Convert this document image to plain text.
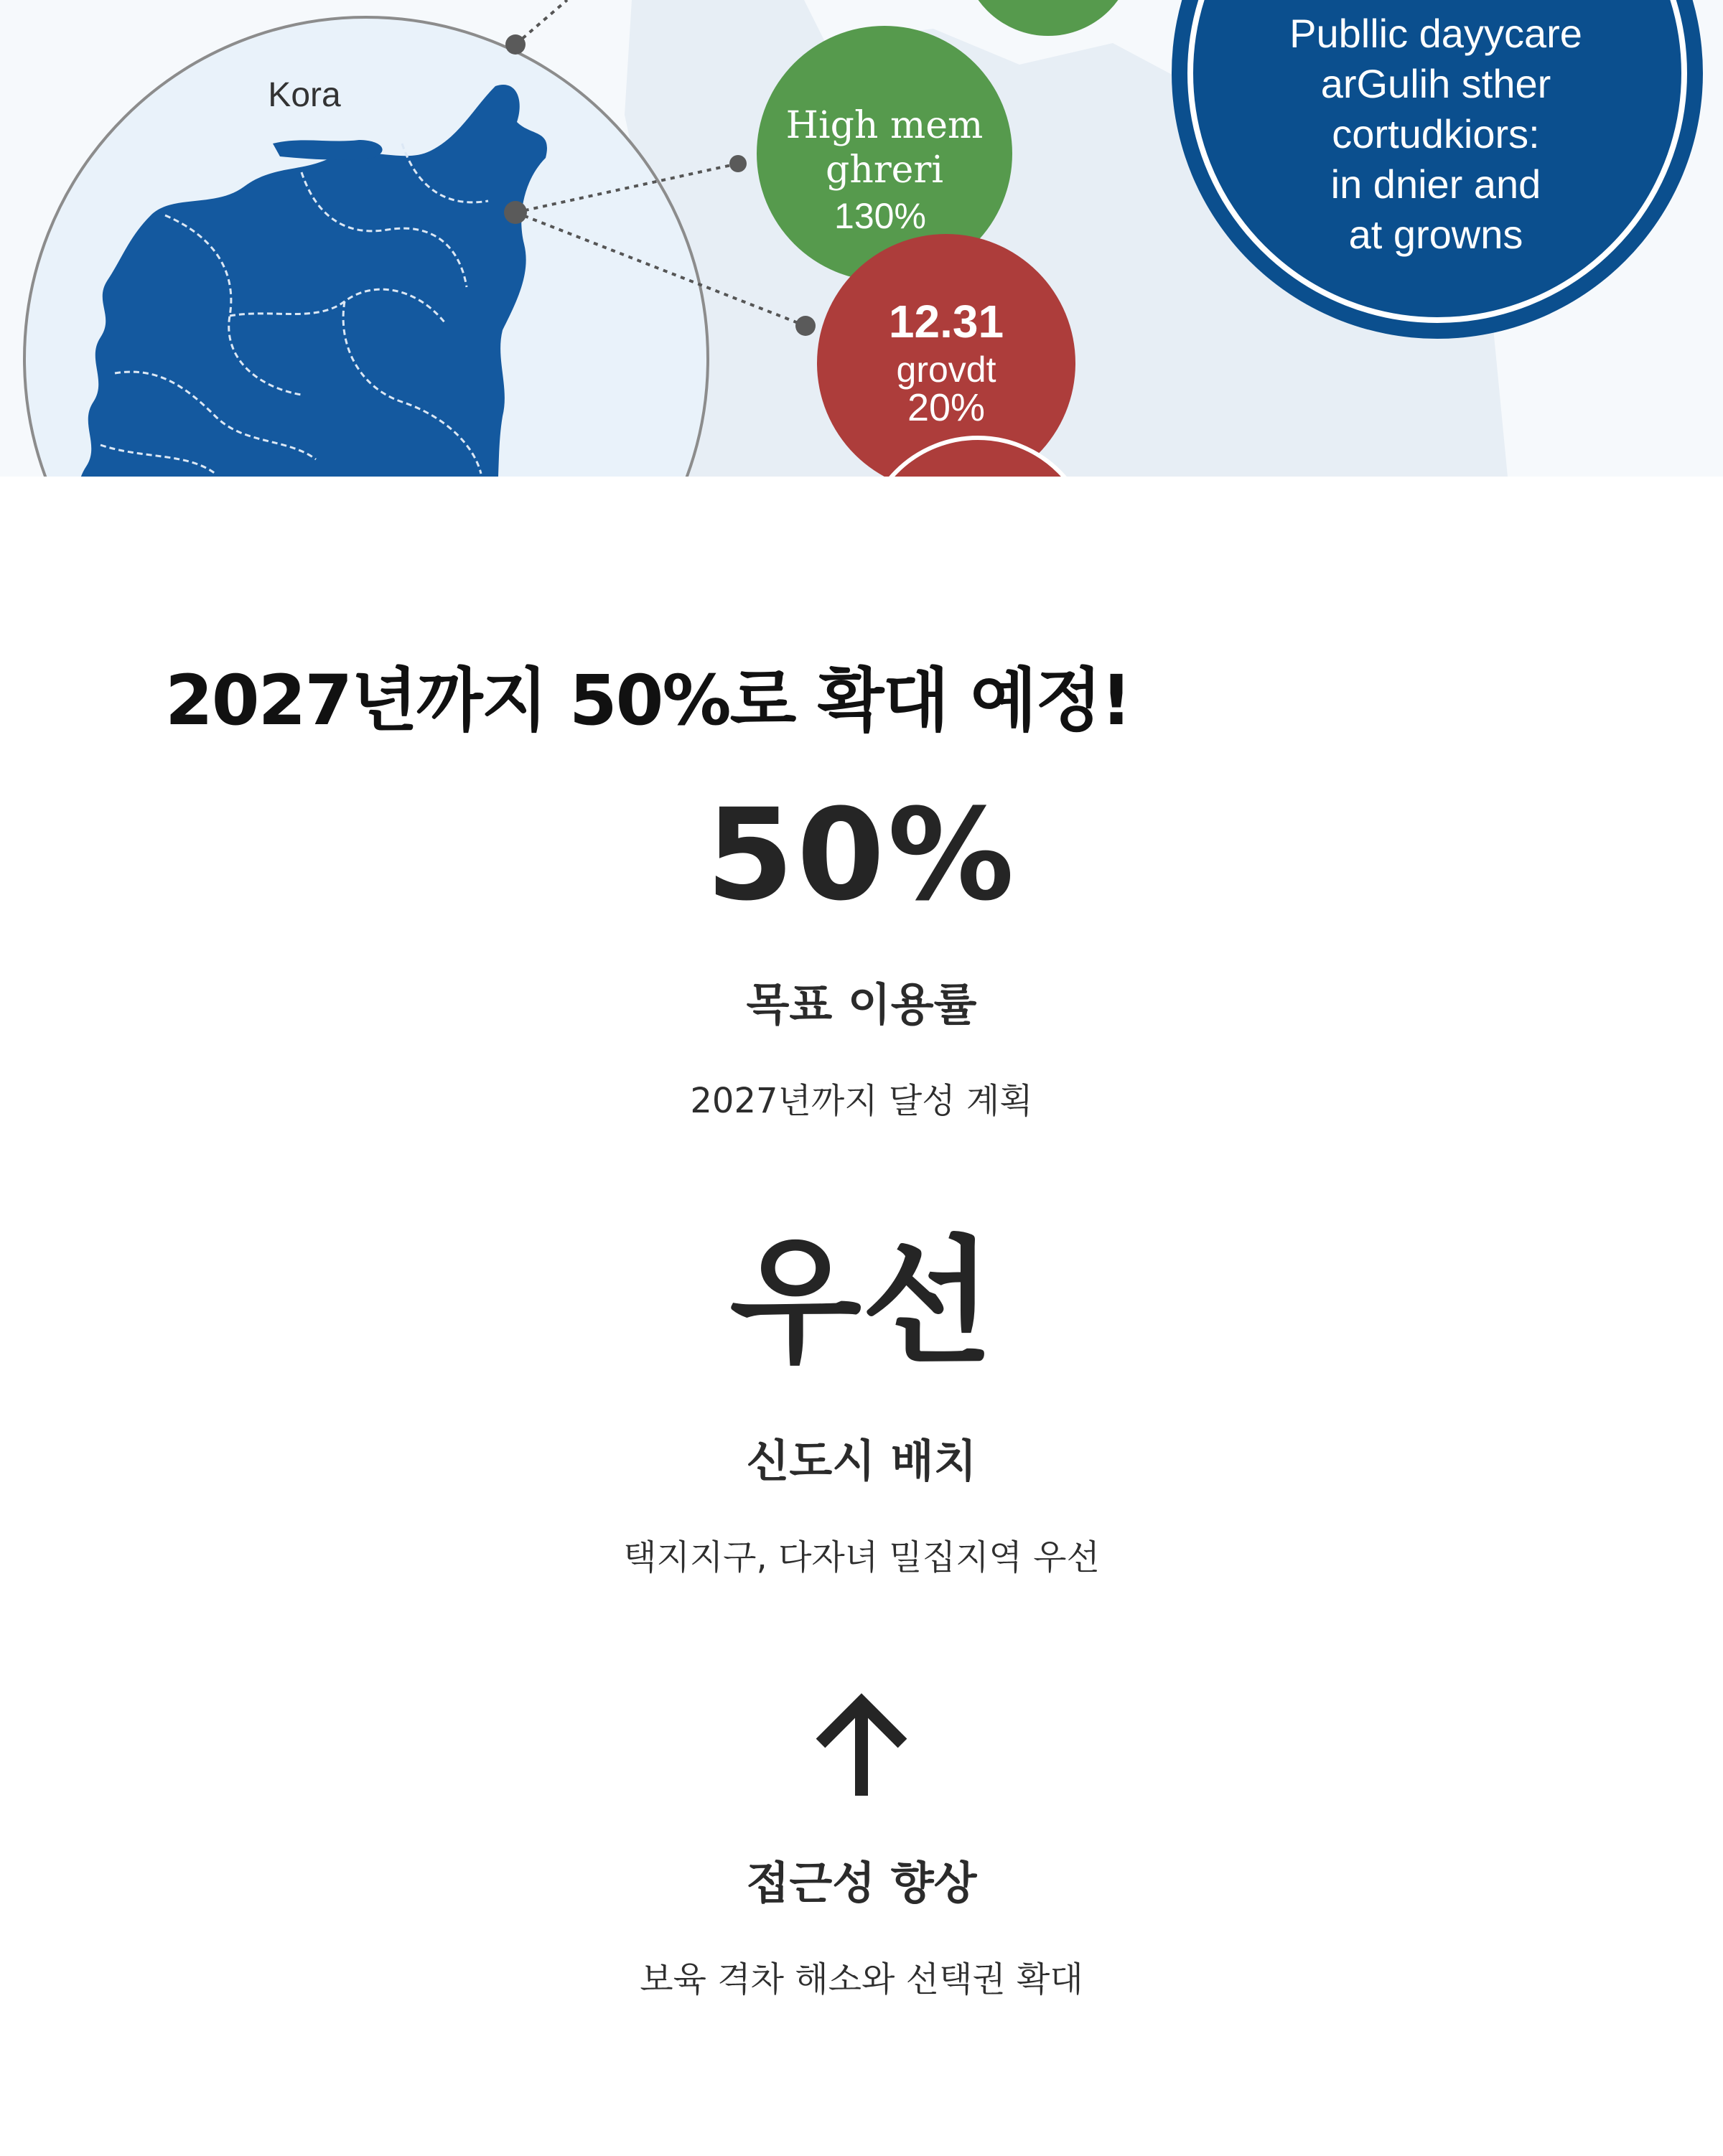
Kora
High mem
ghreri
130%
12.31
grovdt
20%
Publlic dayycare
arGulih sther
cortudkiors:
in dnier and
at growns
2027년까지 50%로 확대 예정!
50%
목표 이용률
2027년까지 달성 계획
우선
신도시 배치
택지지구, 다자녀 밀집지역 우선
접근성 향상
보육 격차 해소와 선택권 확대
